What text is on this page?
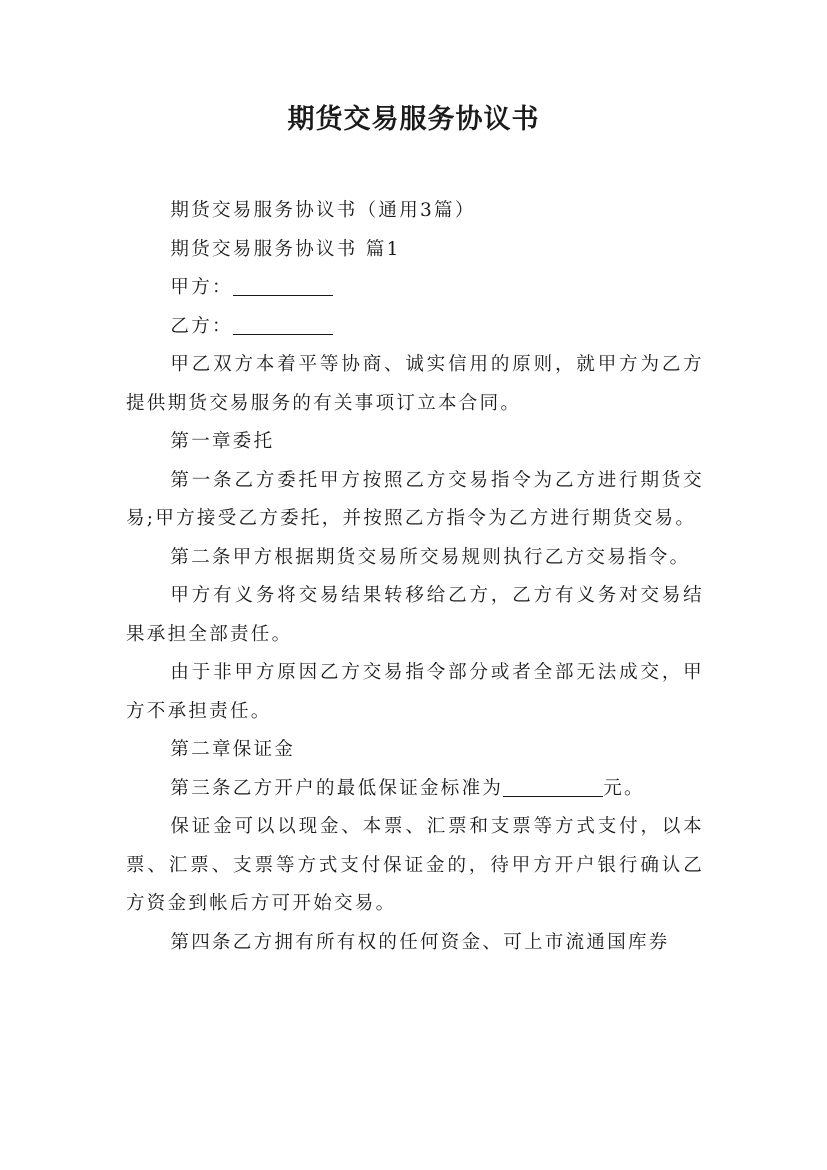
期货交易服务协议书

期货交易服务协议书（通用3篇）

期货交易服务协议书 篇1

甲方：

乙方：

甲乙双方本着平等协商、诚实信用的原则，就甲方为乙方提供期货交易服务的有关事项订立本合同。

第一章委托

第一条乙方委托甲方按照乙方交易指令为乙方进行期货交易;甲方接受乙方委托，并按照乙方指令为乙方进行期货交易。

第二条甲方根据期货交易所交易规则执行乙方交易指令。

甲方有义务将交易结果转移给乙方，乙方有义务对交易结果承担全部责任。

由于非甲方原因乙方交易指令部分或者全部无法成交，甲方不承担责任。

第二章保证金

第三条乙方开户的最低保证金标准为	元。

保证金可以以现金、本票、汇票和支票等方式支付，以本票、汇票、支票等方式支付保证金的，待甲方开户银行确认乙方资金到帐后方可开始交易。

第四条乙方拥有所有权的任何资金、可上市流通国库券
